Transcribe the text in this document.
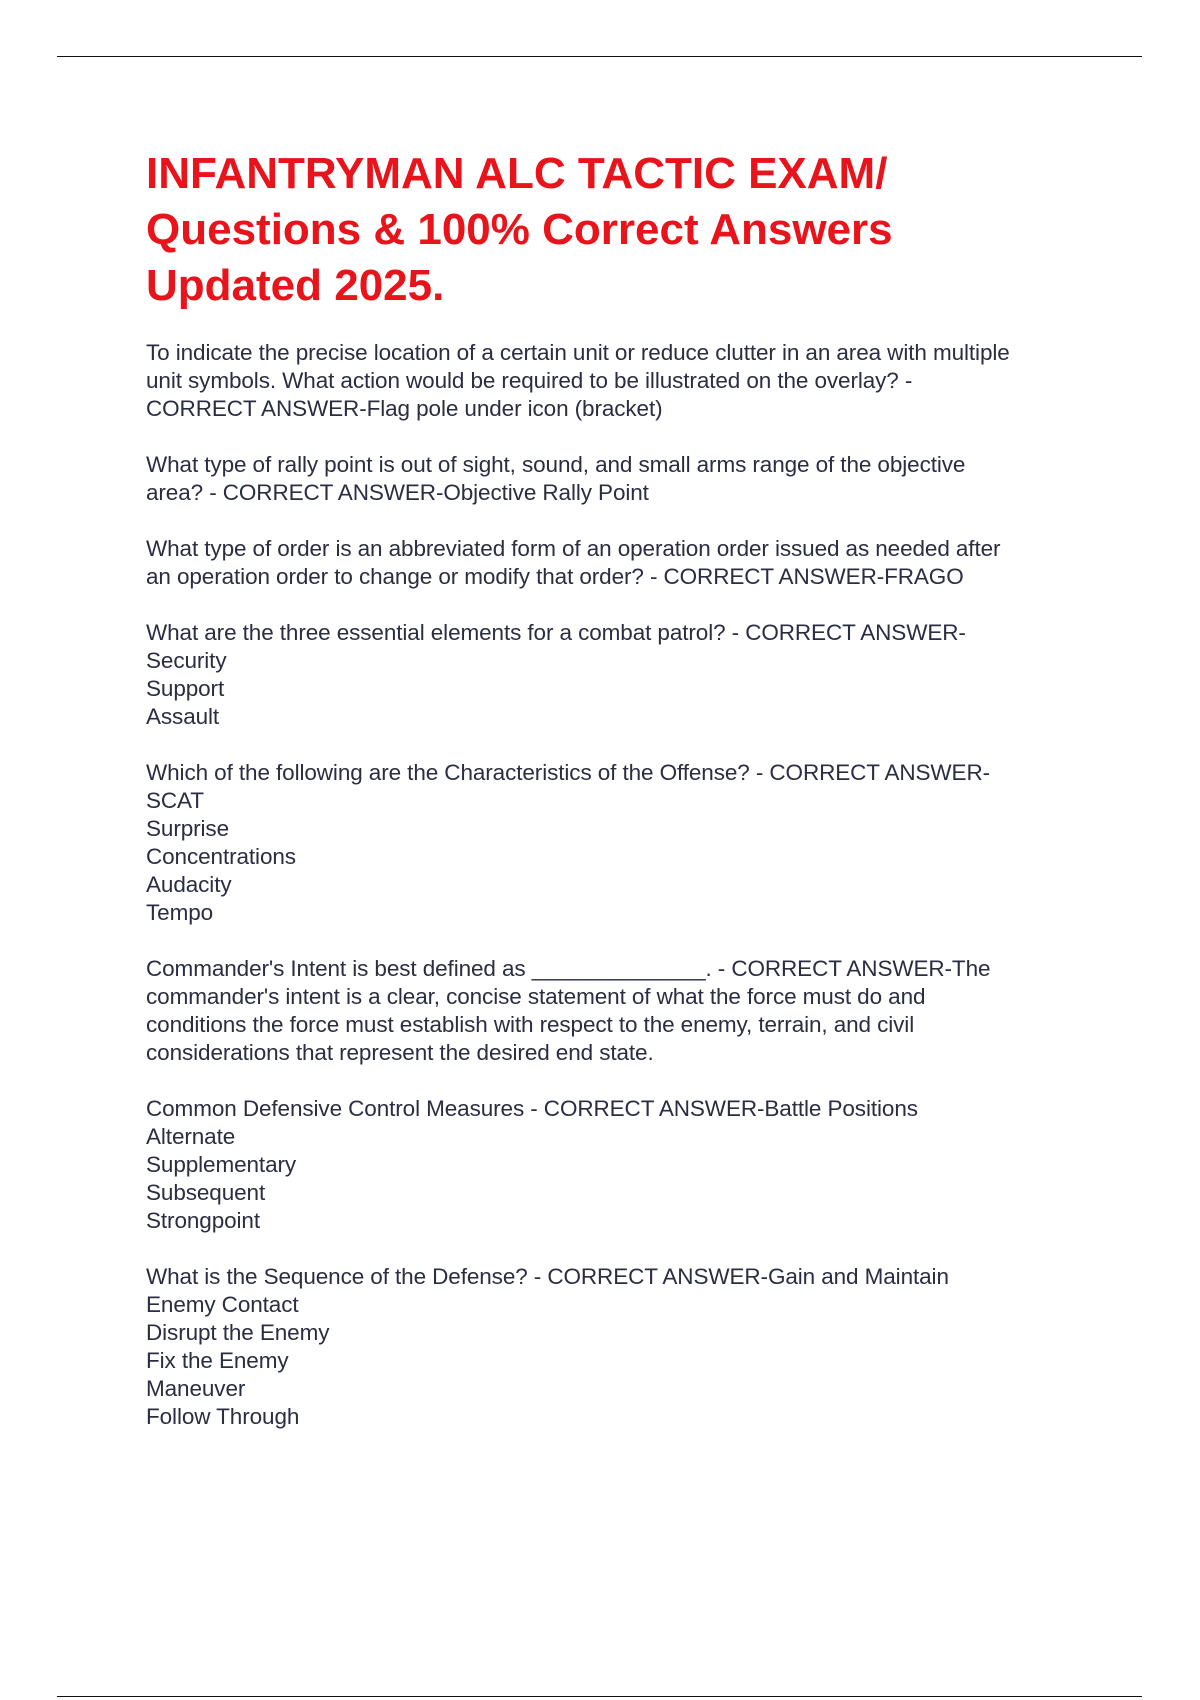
INFANTRYMAN ALC TACTIC EXAM/
Questions & 100% Correct Answers
Updated 2025.
To indicate the precise location of a certain unit or reduce clutter in an area with multiple
unit symbols. What action would be required to be illustrated on the overlay? -
CORRECT ANSWER-Flag pole under icon (bracket)
What type of rally point is out of sight, sound, and small arms range of the objective
area? - CORRECT ANSWER-Objective Rally Point
What type of order is an abbreviated form of an operation order issued as needed after
an operation order to change or modify that order? - CORRECT ANSWER-FRAGO
What are the three essential elements for a combat patrol? - CORRECT ANSWER-
Security
Support
Assault
Which of the following are the Characteristics of the Offense? - CORRECT ANSWER-
SCAT
Surprise
Concentrations
Audacity
Tempo
Commander's Intent is best defined as ______________. - CORRECT ANSWER-The
commander's intent is a clear, concise statement of what the force must do and
conditions the force must establish with respect to the enemy, terrain, and civil
considerations that represent the desired end state.
Common Defensive Control Measures - CORRECT ANSWER-Battle Positions
Alternate
Supplementary
Subsequent
Strongpoint
What is the Sequence of the Defense? - CORRECT ANSWER-Gain and Maintain
Enemy Contact
Disrupt the Enemy
Fix the Enemy
Maneuver
Follow Through
